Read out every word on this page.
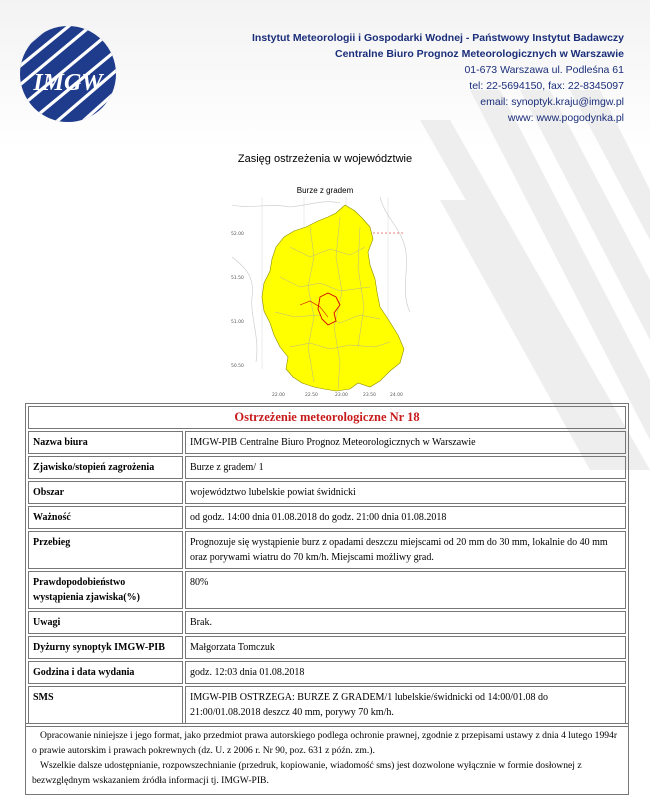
IMGW
Instytut Meteorologii i Gospodarki Wodnej - Państwowy Instytut Badawczy
Centralne Biuro Prognoz Meteorologicznych w Warszawie
01-673 Warszawa ul. Podleśna 61
tel: 22-5694150, fax: 22-8345097
email: synoptyk.kraju@imgw.pl
www: www.pogodynka.pl
Zasięg ostrzeżenia w województwie
Burze z gradem
52.00
51.50
51.00
50.50
22.00	22.50	23.00	23.50	24.00
Ostrzeżenie meteorologiczne Nr 18	
Nazwa biura	IMGW-PIB Centralne Biuro Prognoz Meteorologicznych w Warszawie
Zjawisko/stopień zagrożenia	Burze z gradem/ 1
Obszar	województwo lubelskie powiat świdnicki
Ważność	od godz. 14:00 dnia 01.08.2018 do godz. 21:00 dnia 01.08.2018
Przebieg	Prognozuje się wystąpienie burz z opadami deszczu miejscami od 20 mm do 30 mm, lokalnie do 40 mm oraz porywami wiatru do 70 km/h. Miejscami możliwy grad.
Prawdopodobieństwo wystąpienia zjawiska(%)	80%
Uwagi	Brak.
Dyżurny synoptyk IMGW-PIB	Małgorzata Tomczuk
Godzina i data wydania	godz. 12:03 dnia 01.08.2018
SMS	IMGW-PIB OSTRZEGA: BURZE Z GRADEM/1 lubelskie/świdnicki od 14:00/01.08 do 21:00/01.08.2018 deszcz 40 mm, porywy 70 km/h.
Opracowanie niniejsze i jego format, jako przedmiot prawa autorskiego podlega ochronie prawnej, zgodnie z przepisami ustawy z dnia 4 lutego 1994r o prawie autorskim i prawach pokrewnych (dz. U. z 2006 r. Nr 90, poz. 631 z późn. zm.).
Wszelkie dalsze udostępnianie, rozpowszechnianie (przedruk, kopiowanie, wiadomość sms) jest dozwolone wyłącznie w formie dosłownej z bezwzględnym wskazaniem źródła informacji tj. IMGW-PIB.
